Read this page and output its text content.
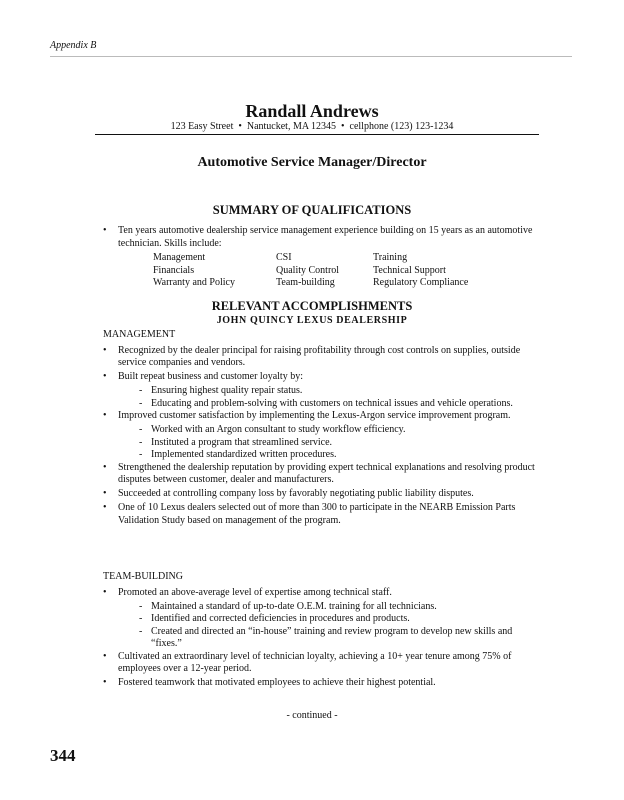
Appendix B
Randall Andrews
123 Easy Street • Nantucket, MA 12345 • cellphone (123) 123-1234
Automotive Service Manager/Director
SUMMARY OF QUALIFICATIONS
• Ten years automotive dealership service management experience building on 15 years as an automotive technician. Skills include:
Management	CSI	Training
Financials	Quality Control	Technical Support
Warranty and Policy	Team-building	Regulatory Compliance
RELEVANT ACCOMPLISHMENTS
JOHN QUINCY LEXUS DEALERSHIP
MANAGEMENT
• Recognized by the dealer principal for raising profitability through cost controls on supplies, outside service companies and vendors.
• Built repeat business and customer loyalty by:
- Ensuring highest quality repair status.
- Educating and problem-solving with customers on technical issues and vehicle operations.
• Improved customer satisfaction by implementing the Lexus-Argon service improvement program.
- Worked with an Argon consultant to study workflow efficiency.
- Instituted a program that streamlined service.
- Implemented standardized written procedures.
• Strengthened the dealership reputation by providing expert technical explanations and resolving product disputes between customer, dealer and manufacturers.
• Succeeded at controlling company loss by favorably negotiating public liability disputes.
• One of 10 Lexus dealers selected out of more than 300 to participate in the NEARB Emission Parts Validation Study based on management of the program.
TEAM-BUILDING
• Promoted an above-average level of expertise among technical staff.
- Maintained a standard of up-to-date O.E.M. training for all technicians.
- Identified and corrected deficiencies in procedures and products.
- Created and directed an “in-house” training and review program to develop new skills and “fixes.”
• Cultivated an extraordinary level of technician loyalty, achieving a 10+ year tenure among 75% of employees over a 12-year period.
• Fostered teamwork that motivated employees to achieve their highest potential.
- continued -
344
